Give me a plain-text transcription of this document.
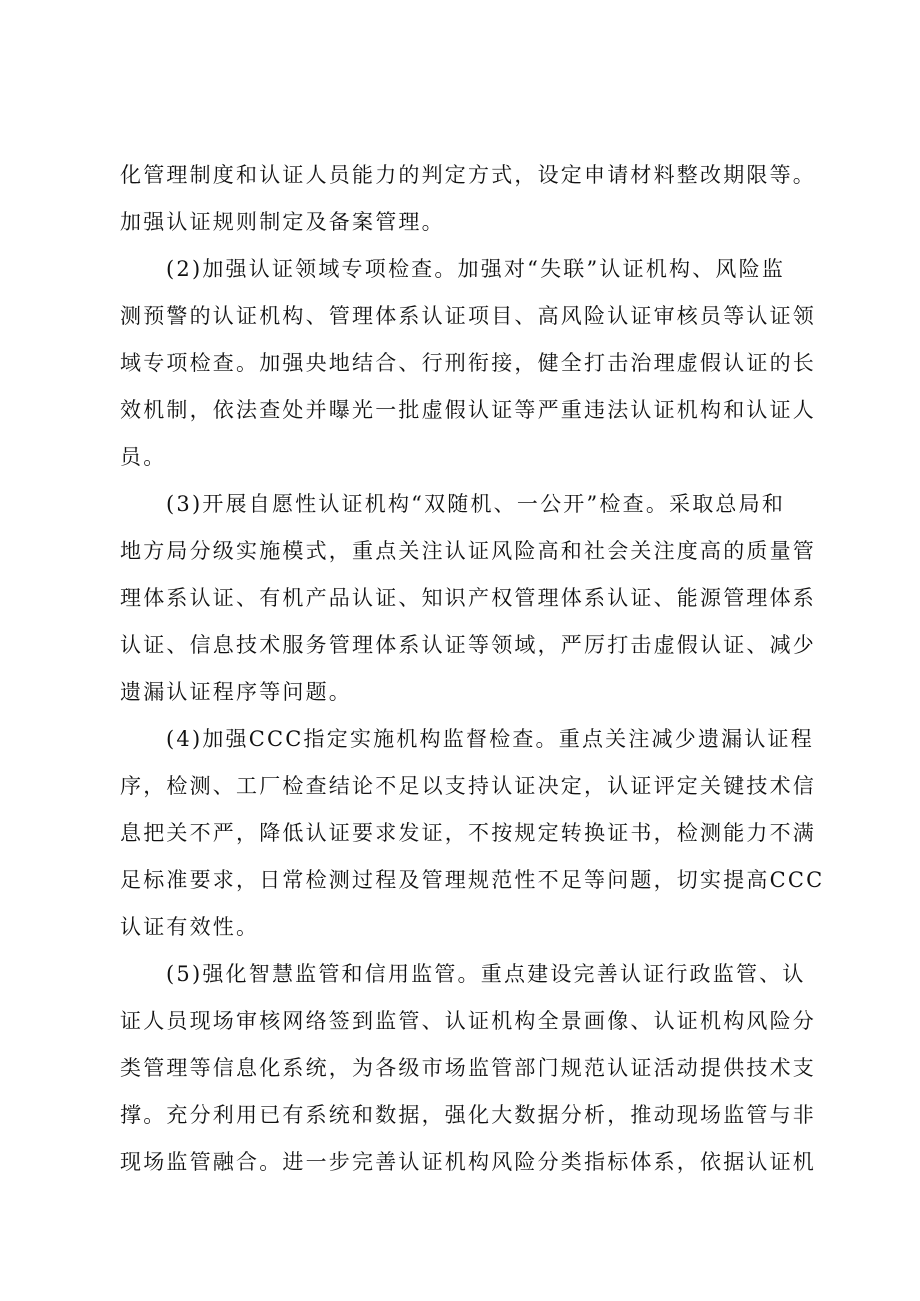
化管理制度和认证人员能力的判定方式，设定申请材料整改期限等。
加强认证规则制定及备案管理。
(2)加强认证领域专项检查。加强对“失联”认证机构、风险监
测预警的认证机构、管理体系认证项目、高风险认证审核员等认证领
域专项检查。加强央地结合、行刑衔接，健全打击治理虚假认证的长
效机制，依法查处并曝光一批虚假认证等严重违法认证机构和认证人
员。
(3)开展自愿性认证机构“双随机、一公开”检查。采取总局和
地方局分级实施模式，重点关注认证风险高和社会关注度高的质量管
理体系认证、有机产品认证、知识产权管理体系认证、能源管理体系
认证、信息技术服务管理体系认证等领域，严厉打击虚假认证、减少
遗漏认证程序等问题。
(4)加强CCC指定实施机构监督检查。重点关注减少遗漏认证程
序，检测、工厂检查结论不足以支持认证决定，认证评定关键技术信
息把关不严，降低认证要求发证，不按规定转换证书，检测能力不满
足标准要求，日常检测过程及管理规范性不足等问题，切实提高CCC
认证有效性。
(5)强化智慧监管和信用监管。重点建设完善认证行政监管、认
证人员现场审核网络签到监管、认证机构全景画像、认证机构风险分
类管理等信息化系统，为各级市场监管部门规范认证活动提供技术支
撑。充分利用已有系统和数据，强化大数据分析，推动现场监管与非
现场监管融合。进一步完善认证机构风险分类指标体系，依据认证机
